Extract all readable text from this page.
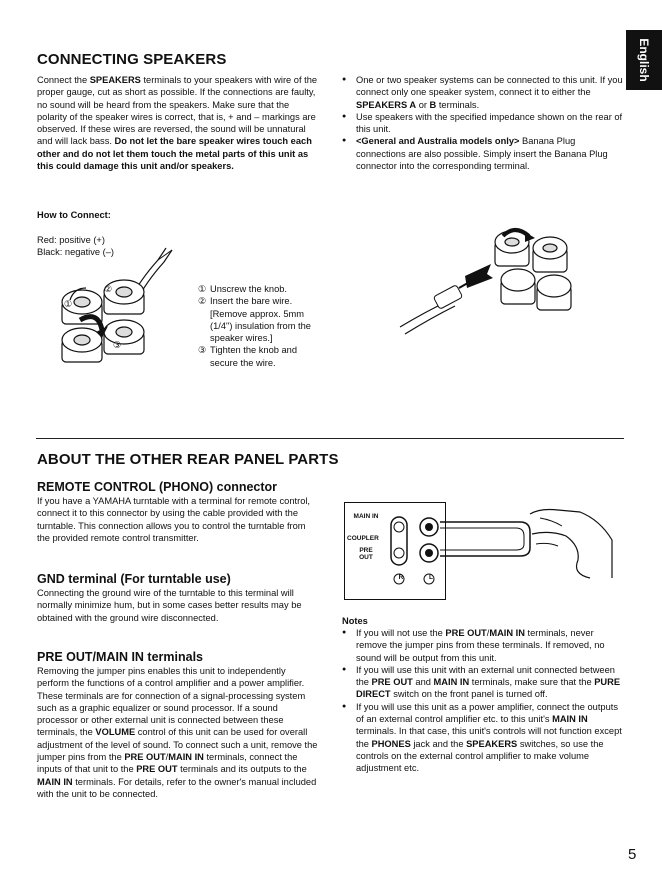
English
CONNECTING SPEAKERS

Connect the SPEAKERS terminals to your speakers with wire of the proper gauge, cut as short as possible. If the connections are faulty, no sound will be heard from the speakers. Make sure that the polarity of the speaker wires is correct, that is, + and – markings are observed. If these wires are reversed, the sound will be unnatural and will lack bass. Do not let the bare speaker wires touch each other and do not let them touch the metal parts of this unit as this could damage this unit and/or speakers.

● One or two speaker systems can be connected to this unit. If you connect only one speaker system, connect it to either the SPEAKERS A or B terminals.
● Use speakers with the specified impedance shown on the rear of this unit.
● <General and Australia models only> Banana Plug connections are also possible. Simply insert the Banana Plug connector into the corresponding terminal.
How to Connect:
Red: positive (+)
Black: negative (–)
①
②
③
① Unscrew the knob.
② Insert the bare wire. [Remove approx. 5mm (1/4") insulation from the speaker wires.]
③ Tighten the knob and secure the wire.
ABOUT THE OTHER REAR PANEL PARTS
REMOTE CONTROL (PHONO) connector

If you have a YAMAHA turntable with a terminal for remote control, connect it to this connector by using the cable provided with the turntable. This connection allows you to control the turntable from the provided remote control transmitter.

GND terminal (For turntable use)

Connecting the ground wire of the turntable to this terminal will normally minimize hum, but in some cases better results may be obtained with the ground wire disconnected.

PRE OUT/MAIN IN terminals

Removing the jumper pins enables this unit to independently perform the functions of a control amplifier and a power amplifier. These terminals are for connection of a signal-processing system such as a graphic equalizer or sound processor. If a sound processor or other external unit is connected between these terminals, the VOLUME control of this unit can be used for overall adjustment of the level of sound. To connect such a unit, remove the jumper pins from the PRE OUT/MAIN IN terminals, connect the inputs of that unit to the PRE OUT terminals and its outputs to the MAIN IN terminals. For details, refer to the owner's manual included with the unit to be connected.

MAIN IN
COUPLER
PRE OUT
R	L
Notes
● If you will not use the PRE OUT/MAIN IN terminals, never remove the jumper pins from these terminals. If removed, no sound will be output from this unit.
● If you will use this unit with an external unit connected between the PRE OUT and MAIN IN terminals, make sure that the PURE DIRECT switch on the front panel is turned off.
● If you will use this unit as a power amplifier, connect the outputs of an external control amplifier etc. to this unit's MAIN IN terminals. In that case, this unit's controls will not function except the PHONES jack and the SPEAKERS switches, so use the controls on the external control amplifier to make volume adjustment etc.
5
